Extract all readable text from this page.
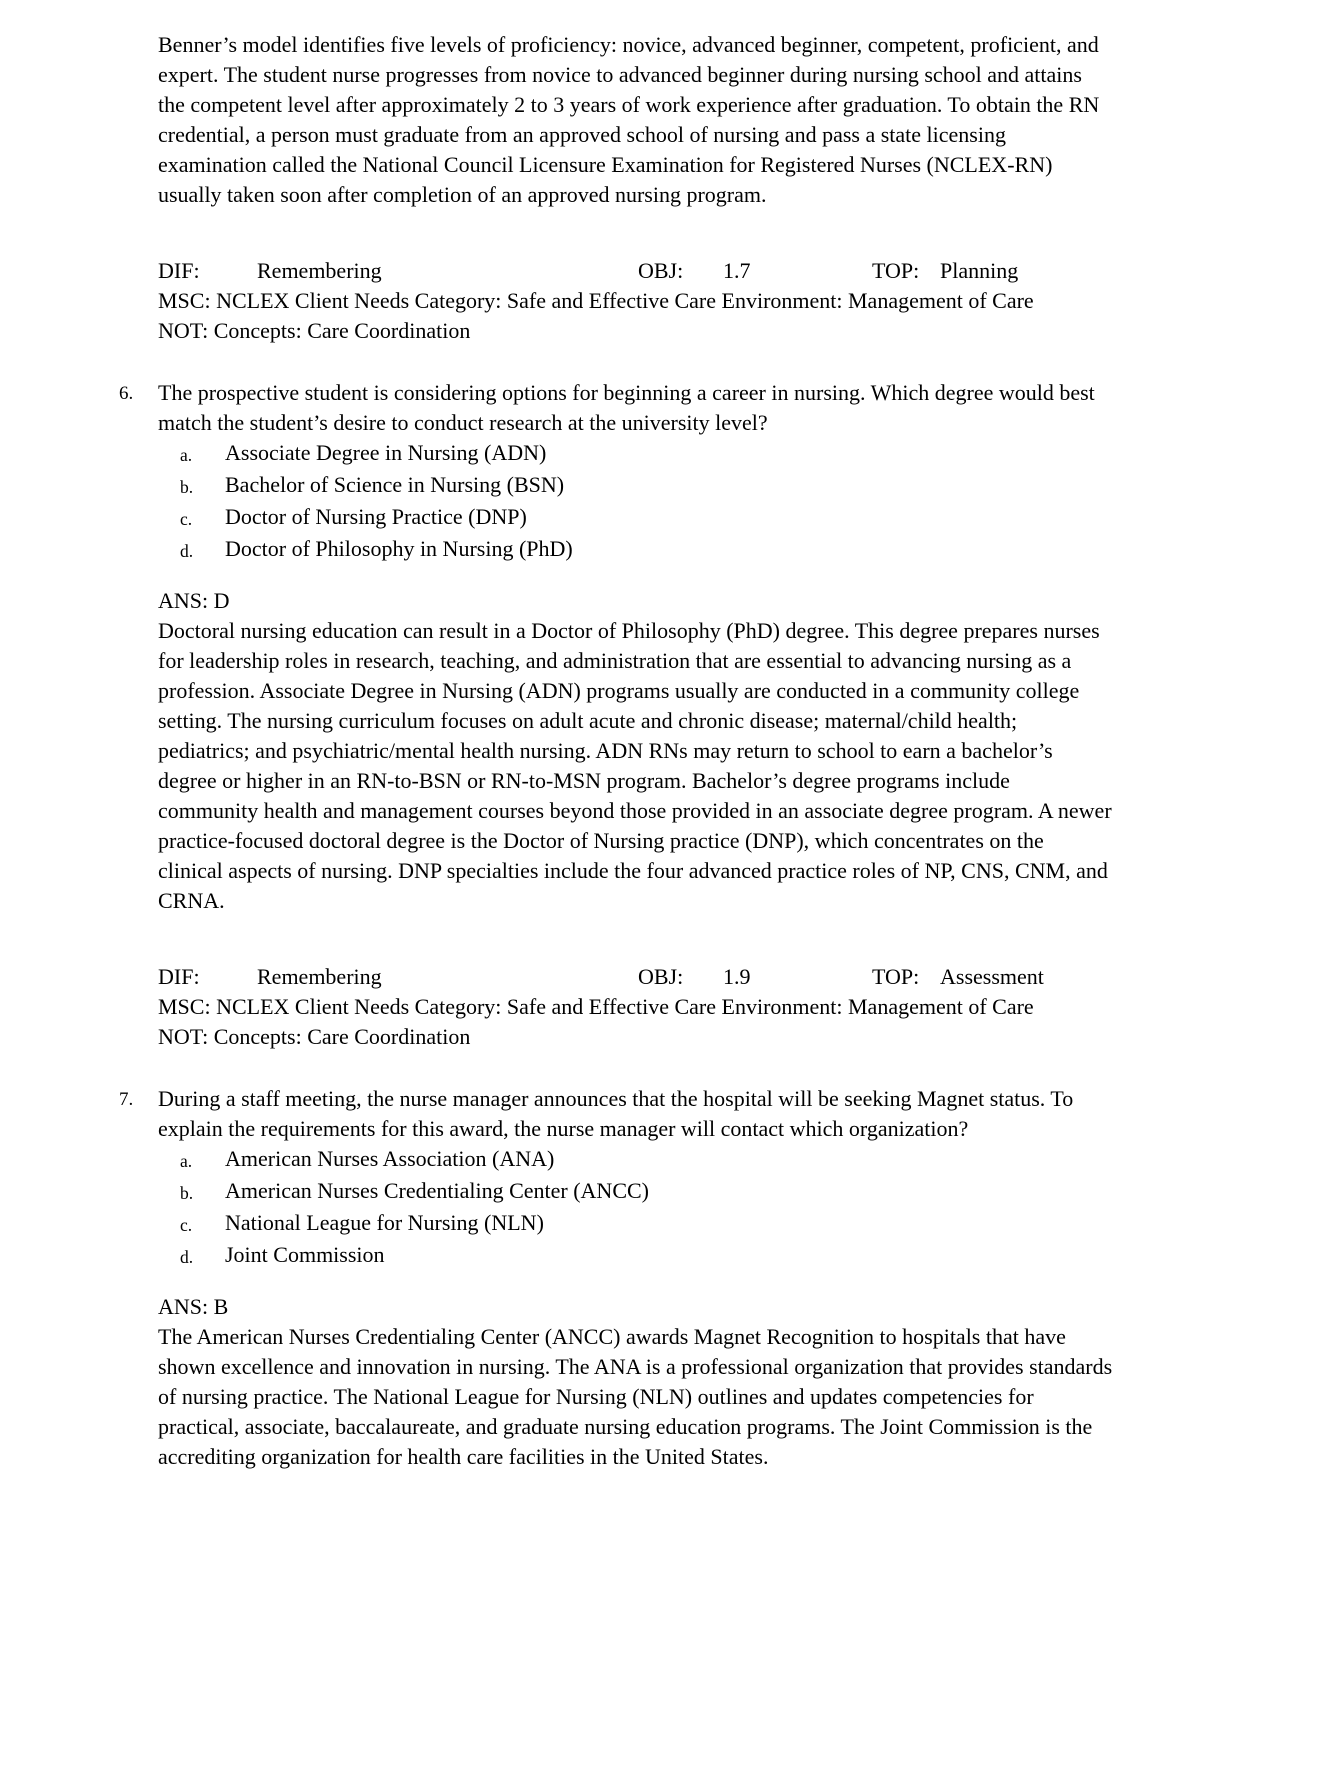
Benner’s model identifies five levels of proficiency: novice, advanced beginner, competent, proficient, and expert. The student nurse progresses from novice to advanced beginner during nursing school and attains the competent level after approximately 2 to 3 years of work experience after graduation. To obtain the RN credential, a person must graduate from an approved school of nursing and pass a state licensing examination called the National Council Licensure Examination for Registered Nurses (NCLEX-RN) usually taken soon after completion of an approved nursing program.

DIF:	Remembering	OBJ: 1.7	TOP: Planning
MSC: NCLEX Client Needs Category: Safe and Effective Care Environment: Management of Care
NOT: Concepts: Care Coordination
6.	The prospective student is considering options for beginning a career in nursing. Which degree would best match the student’s desire to conduct research at the university level?

a.	Associate Degree in Nursing (ADN)
b.	Bachelor of Science in Nursing (BSN)
c.	Doctor of Nursing Practice (DNP)
d.	Doctor of Philosophy in Nursing (PhD)

ANS: D

Doctoral nursing education can result in a Doctor of Philosophy (PhD) degree. This degree prepares nurses for leadership roles in research, teaching, and administration that are essential to advancing nursing as a profession. Associate Degree in Nursing (ADN) programs usually are conducted in a community college setting. The nursing curriculum focuses on adult acute and chronic disease; maternal/child health; pediatrics; and psychiatric/mental health nursing. ADN RNs may return to school to earn a bachelor’s degree or higher in an RN-to-BSN or RN-to-MSN program. Bachelor’s degree programs include community health and management courses beyond those provided in an associate degree program. A newer practice-focused doctoral degree is the Doctor of Nursing practice (DNP), which concentrates on the clinical aspects of nursing. DNP specialties include the four advanced practice roles of NP, CNS, CNM, and CRNA.

DIF:	Remembering	OBJ: 1.9	TOP: Assessment
MSC: NCLEX Client Needs Category: Safe and Effective Care Environment: Management of Care
NOT: Concepts: Care Coordination
7.	During a staff meeting, the nurse manager announces that the hospital will be seeking Magnet status. To explain the requirements for this award, the nurse manager will contact which organization?

a.	American Nurses Association (ANA)
b.	American Nurses Credentialing Center (ANCC)
c.	National League for Nursing (NLN)
d.	Joint Commission

ANS: B

The American Nurses Credentialing Center (ANCC) awards Magnet Recognition to hospitals that have shown excellence and innovation in nursing. The ANA is a professional organization that provides standards of nursing practice. The National League for Nursing (NLN) outlines and updates competencies for practical, associate, baccalaureate, and graduate nursing education programs. The Joint Commission is the accrediting organization for health care facilities in the United States.
